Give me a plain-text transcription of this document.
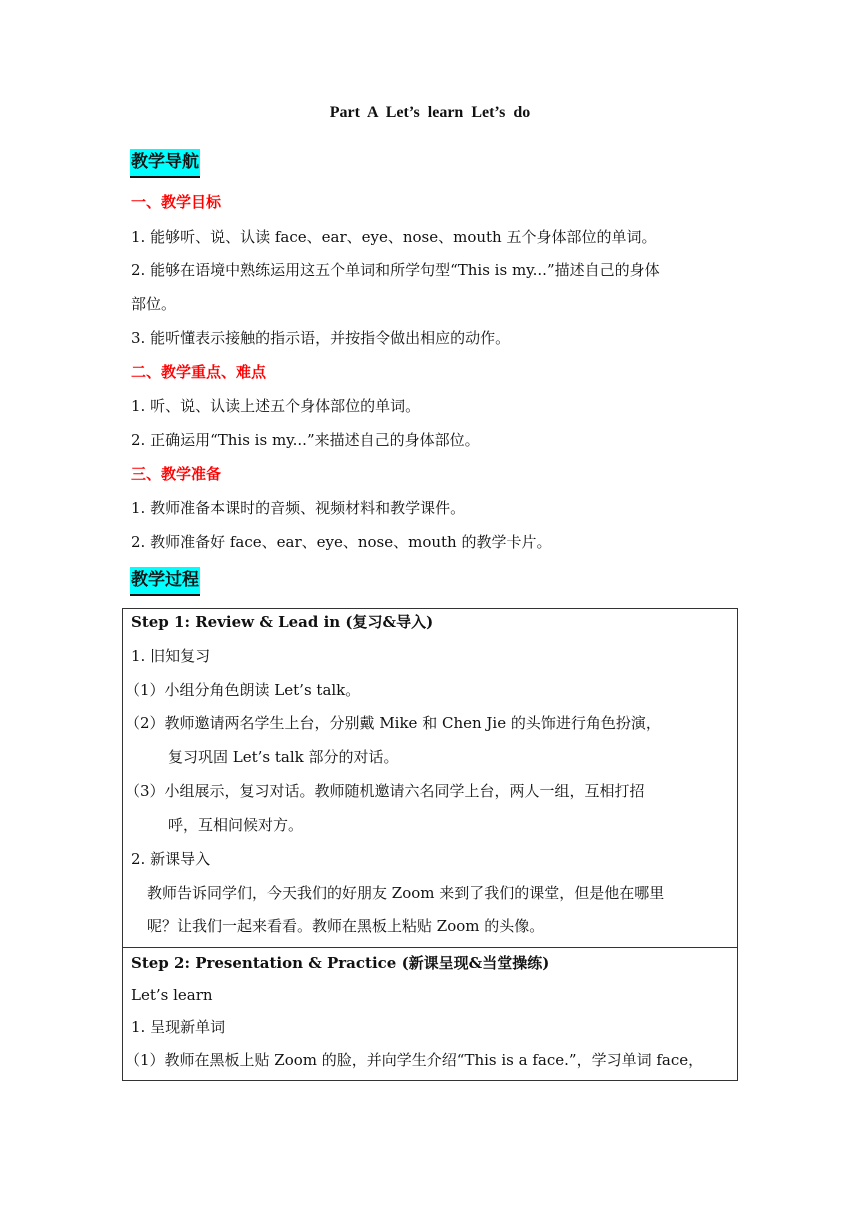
Part A Let’s learn Let’s do
教学导航
一、教学目标
1. 能够听、说、认读 face、ear、eye、nose、mouth 五个身体部位的单词。
2. 能够在语境中熟练运用这五个单词和所学句型“This is my...”描述自己的身体
部位。
3. 能听懂表示接触的指示语，并按指令做出相应的动作。
二、教学重点、难点
1. 听、说、认读上述五个身体部位的单词。
2. 正确运用“This is my...”来描述自己的身体部位。
三、教学准备
1. 教师准备本课时的音频、视频材料和教学课件。
2. 教师准备好 face、ear、eye、nose、mouth 的教学卡片。
教学过程
Step 1: Review & Lead in (复习&导入)
1. 旧知复习
（1）小组分角色朗读 Let’s talk。
（2）教师邀请两名学生上台，分别戴 Mike 和 Chen Jie 的头饰进行角色扮演，
复习巩固 Let’s talk 部分的对话。
（3）小组展示，复习对话。教师随机邀请六名同学上台，两人一组，互相打招
呼，互相问候对方。
2. 新课导入
教师告诉同学们，今天我们的好朋友 Zoom 来到了我们的课堂，但是他在哪里
呢？让我们一起来看看。教师在黑板上粘贴 Zoom 的头像。

Step 2: Presentation & Practice (新课呈现&当堂操练)
Let’s learn
1. 呈现新单词
（1）教师在黑板上贴 Zoom 的脸，并向学生介绍“This is a face.”，学习单词 face，
